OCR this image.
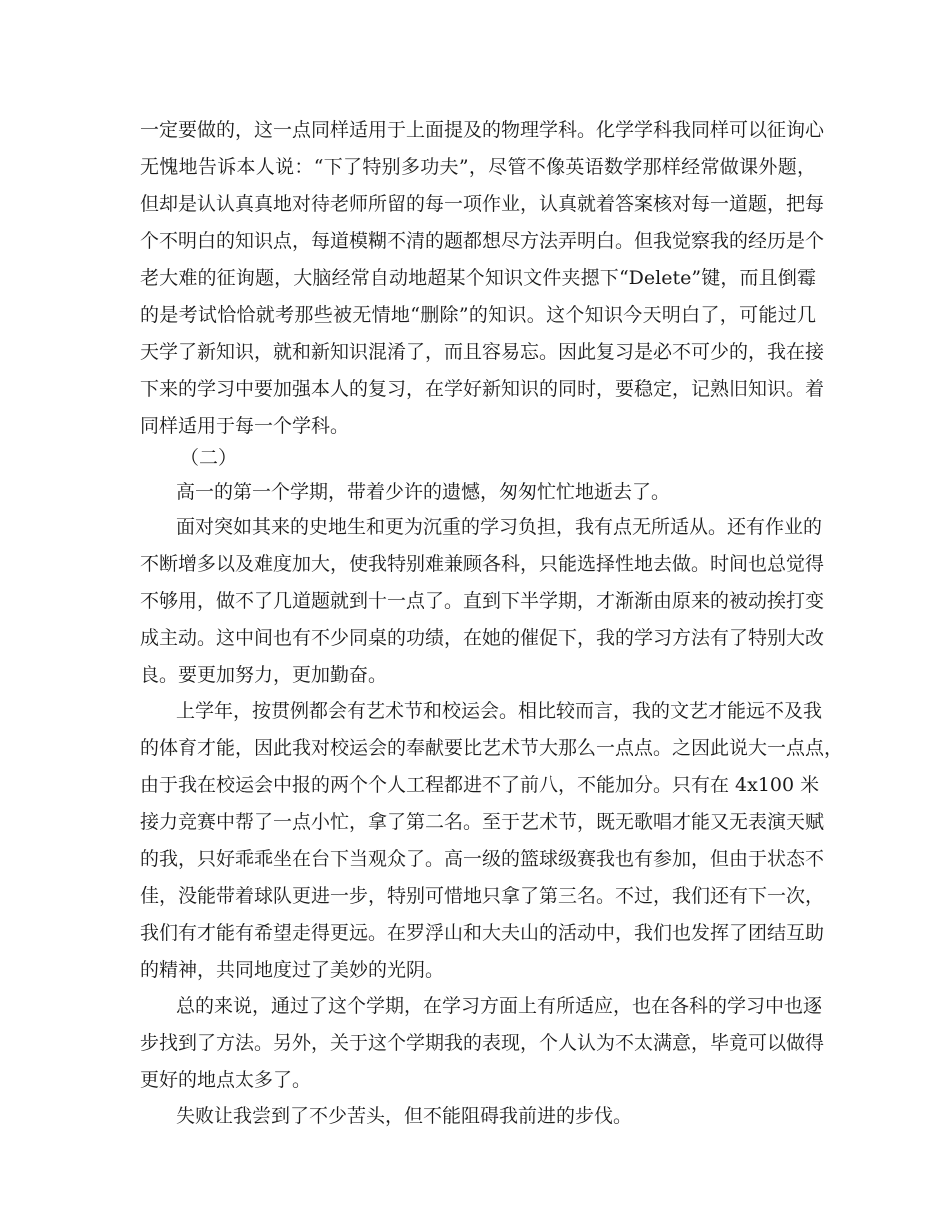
一定要做的，这一点同样适用于上面提及的物理学科。化学学科我同样可以征询心
无愧地告诉本人说：“下了特别多功夫”，尽管不像英语数学那样经常做课外题，
但却是认认真真地对待老师所留的每一项作业，认真就着答案核对每一道题，把每
个不明白的知识点，每道模糊不清的题都想尽方法弄明白。但我觉察我的经历是个
老大难的征询题，大脑经常自动地超某个知识文件夹摁下“Delete”键，而且倒霉
的是考试恰恰就考那些被无情地“删除”的知识。这个知识今天明白了，可能过几
天学了新知识，就和新知识混淆了，而且容易忘。因此复习是必不可少的，我在接
下来的学习中要加强本人的复习，在学好新知识的同时，要稳定，记熟旧知识。着
同样适用于每一个学科。
（二）
高一的第一个学期，带着少许的遗憾，匆匆忙忙地逝去了。
面对突如其来的史地生和更为沉重的学习负担，我有点无所适从。还有作业的
不断增多以及难度加大，使我特别难兼顾各科，只能选择性地去做。时间也总觉得
不够用，做不了几道题就到十一点了。直到下半学期，才渐渐由原来的被动挨打变
成主动。这中间也有不少同桌的功绩，在她的催促下，我的学习方法有了特别大改
良。要更加努力，更加勤奋。
上学年，按贯例都会有艺术节和校运会。相比较而言，我的文艺才能远不及我
的体育才能，因此我对校运会的奉献要比艺术节大那么一点点。之因此说大一点点，
由于我在校运会中报的两个个人工程都进不了前八，不能加分。只有在 4x100 米
接力竞赛中帮了一点小忙，拿了第二名。至于艺术节，既无歌唱才能又无表演天赋
的我，只好乖乖坐在台下当观众了。高一级的篮球级赛我也有参加，但由于状态不
佳，没能带着球队更进一步，特别可惜地只拿了第三名。不过，我们还有下一次，
我们有才能有希望走得更远。在罗浮山和大夫山的活动中，我们也发挥了团结互助
的精神，共同地度过了美妙的光阴。
总的来说，通过了这个学期，在学习方面上有所适应，也在各科的学习中也逐
步找到了方法。另外，关于这个学期我的表现，个人认为不太满意，毕竟可以做得
更好的地点太多了。
失败让我尝到了不少苦头，但不能阻碍我前进的步伐。
